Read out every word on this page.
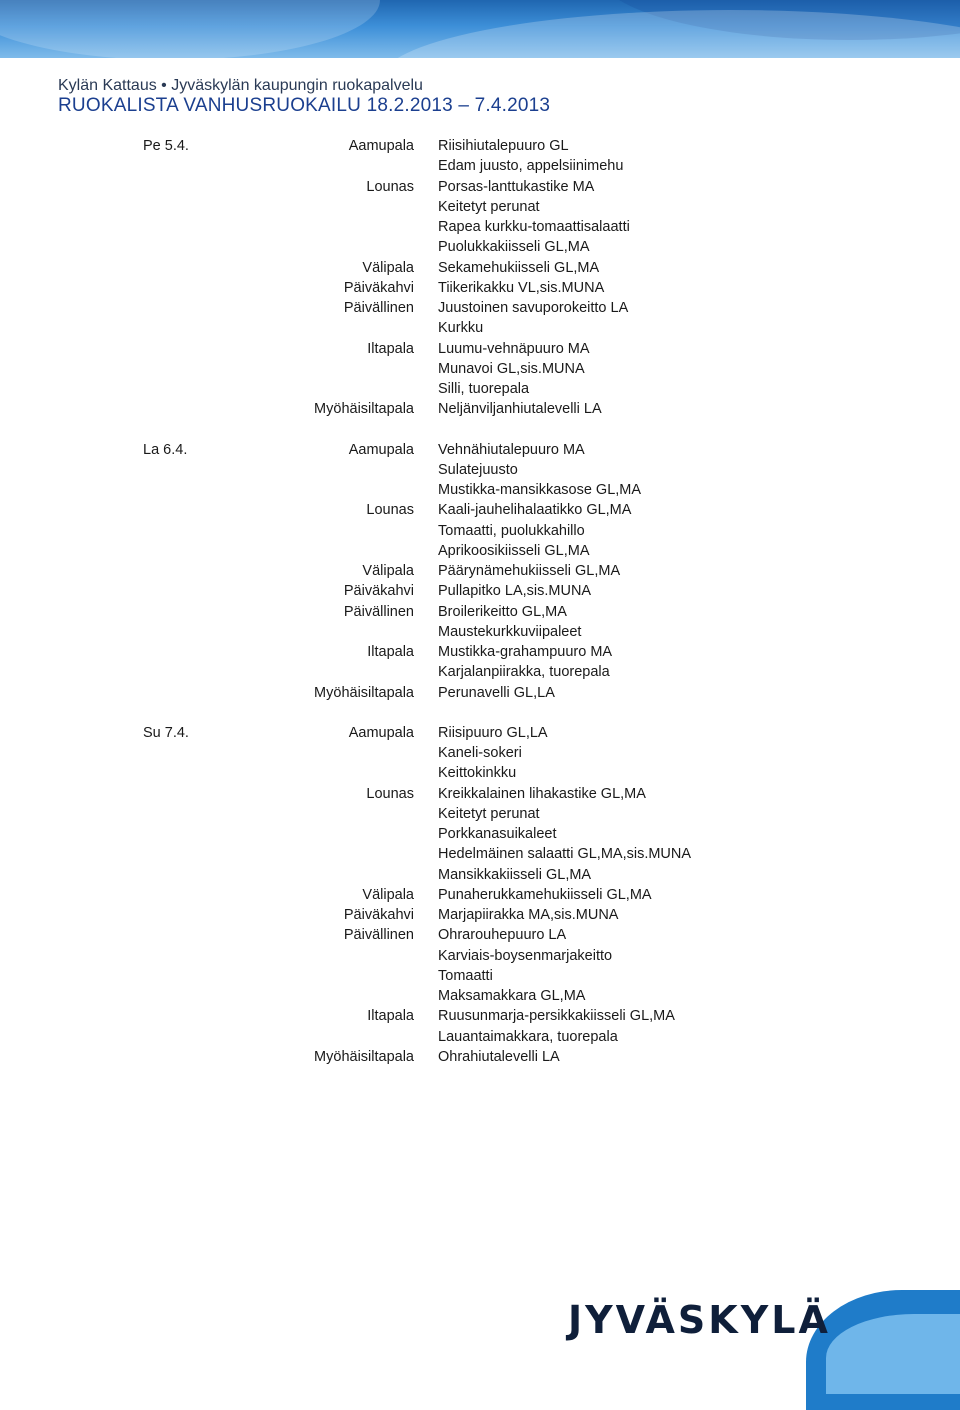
Kylän Kattaus • Jyväskylän kaupungin ruokapalvelu
RUOKALISTA VANHUSRUOKAILU 18.2.2013 – 7.4.2013
Pe 5.4.	Aamupala Riisihiutalepuuro GL
Edam juusto, appelsiinimehu
Lounas Porsas-lanttukastike MA
Keitetyt perunat
Rapea kurkku-tomaattisalaatti
Puolukkakiisseli GL,MA
Välipala Sekamehukiisseli GL,MA
Päiväkahvi Tiikerikakku VL,sis.MUNA
Päivällinen Juustoinen savuporokeitto LA
Kurkku
Iltapala Luumu-vehnäpuuro MA
Munavoi GL,sis.MUNA
Silli, tuorepala
Myöhäisiltapala Neljänviljanhiutalevelli LA
La 6.4.	Aamupala Vehnähiutalepuuro MA
Sulatejuusto
Mustikka-mansikkasose GL,MA
Lounas Kaali-jauhelihalaatikko GL,MA
Tomaatti, puolukkahillo
Aprikoosikiisseli GL,MA
Välipala Päärynämehukiisseli GL,MA
Päiväkahvi Pullapitko LA,sis.MUNA
Päivällinen Broilerikeitto GL,MA
Maustekurkkuviipaleet
Iltapala Mustikka-grahampuuro MA
Karjalanpiirakka, tuorepala
Myöhäisiltapala Perunavelli GL,LA
Su 7.4.	Aamupala Riisipuuro GL,LA
Kaneli-sokeri
Keittokinkku
Lounas Kreikkalainen lihakastike GL,MA
Keitetyt perunat
Porkkanasuikaleet
Hedelmäinen salaatti GL,MA,sis.MUNA
Mansikkakiisseli GL,MA
Välipala Punaherukkamehukiisseli GL,MA
Päiväkahvi Marjapiirakka MA,sis.MUNA
Päivällinen Ohrarouhepuuro LA
Karviais-boysenmarjakeitto
Tomaatti
Maksamakkara GL,MA
Iltapala Ruusunmarja-persikkakiisseli GL,MA
Lauantaimakkara, tuorepala
Myöhäisiltapala Ohrahiutalevelli LA
JYVÄSKYLÄ
